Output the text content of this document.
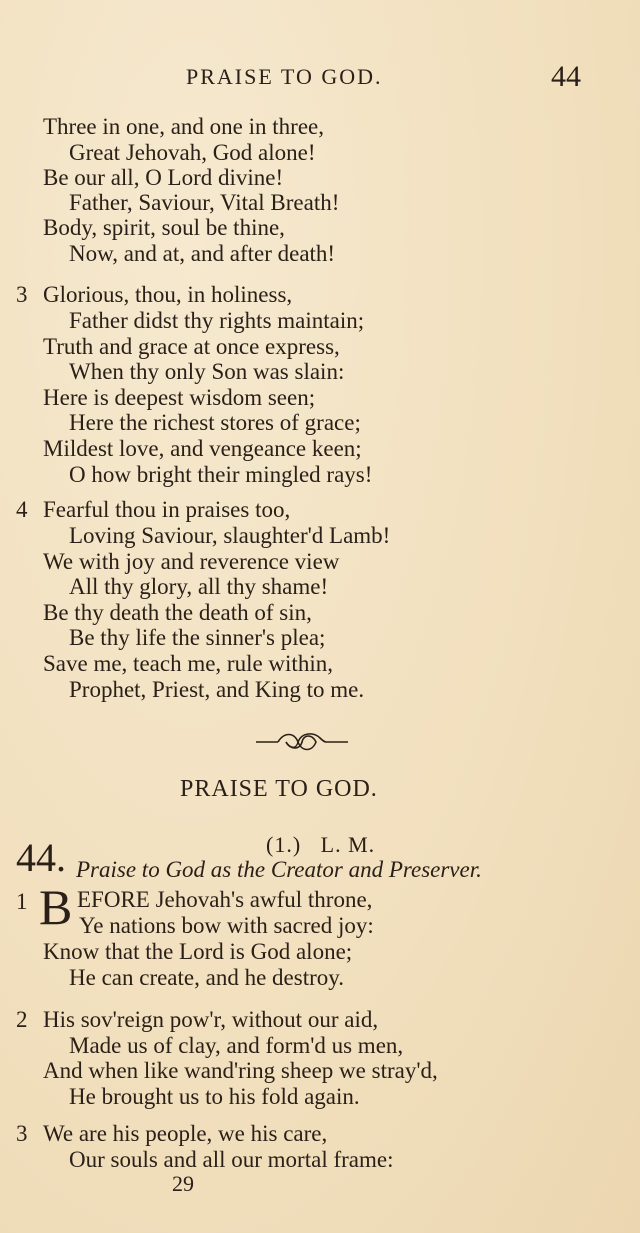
PRAISE TO GOD.	44
Three in one, and one in three,
Great Jehovah, God alone!
Be our all, O Lord divine!
Father, Saviour, Vital Breath!
Body, spirit, soul be thine,
Now, and at, and after death!
3 Glorious, thou, in holiness,
Father didst thy rights maintain;
Truth and grace at once express,
When thy only Son was slain:
Here is deepest wisdom seen;
Here the richest stores of grace;
Mildest love, and vengeance keen;
O how bright their mingled rays!
4 Fearful thou in praises too,
Loving Saviour, slaughter'd Lamb!
We with joy and reverence view
All thy glory, all thy shame!
Be thy death the death of sin,
Be thy life the sinner's plea;
Save me, teach me, rule within,
Prophet, Priest, and King to me.
PRAISE TO GOD.
44.	(1.) L. M.
Praise to God as the Creator and Preserver.
1 B EFORE Jehovah's awful throne,
Ye nations bow with sacred joy:
Know that the Lord is God alone;
He can create, and he destroy.
2 His sov'reign pow'r, without our aid,
Made us of clay, and form'd us men,
And when like wand'ring sheep we stray'd,
He brought us to his fold again.
3 We are his people, we his care,
Our souls and all our mortal frame:
29
